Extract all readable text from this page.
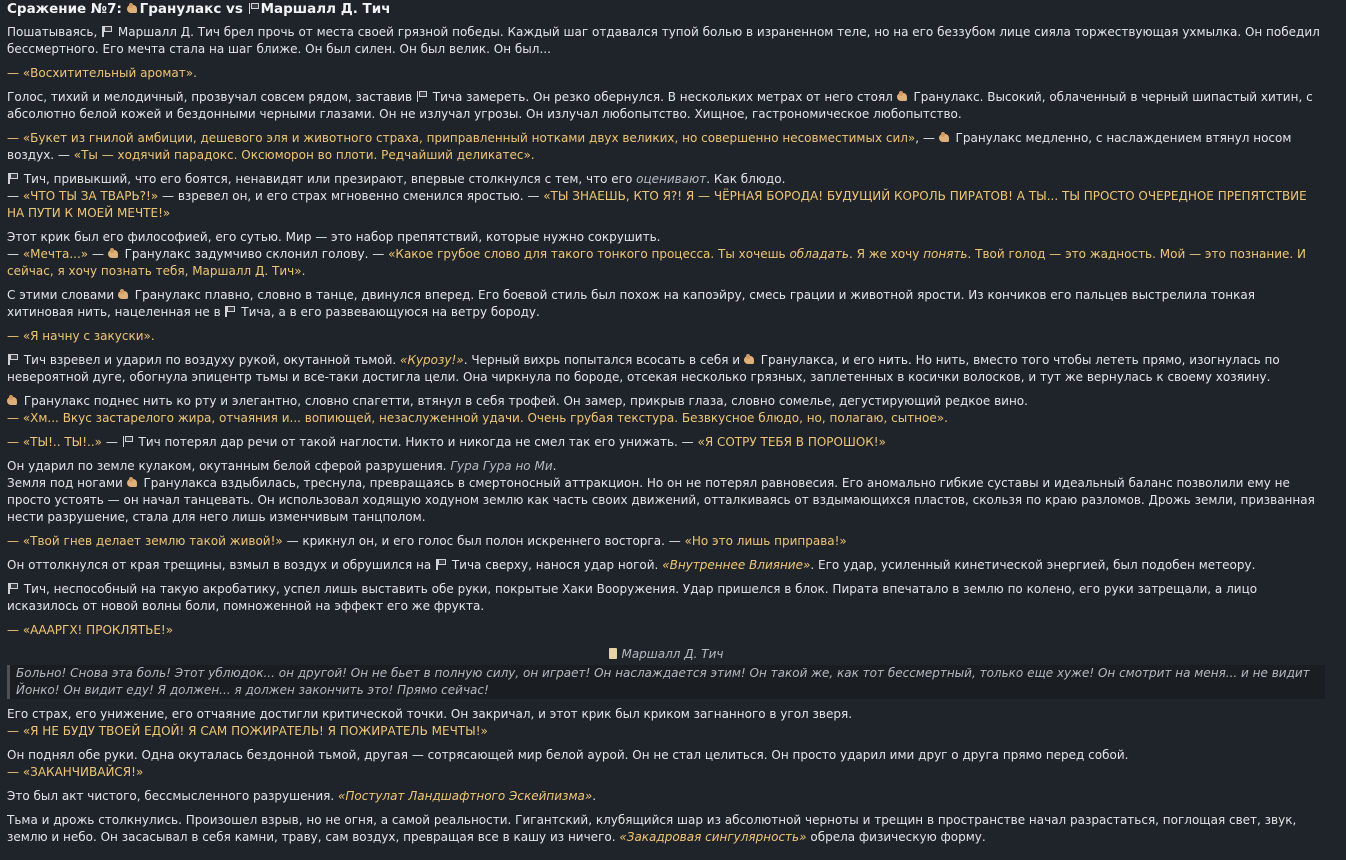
Сражение №7: Гранулакс vs Маршалл Д. Тич

Пошатываясь,  Маршалл Д. Тич брел прочь от места своей грязной победы. Каждый шаг отдавался тупой болью в израненном теле, но на его беззубом лице сияла торжествующая ухмылка. Он победил бессмертного. Его мечта стала на шаг ближе. Он был силен. Он был велик. Он был...

— «Восхитительный аромат».

Голос, тихий и мелодичный, прозвучал совсем рядом, заставив  Тича замереть. Он резко обернулся. В нескольких метрах от него стоял  Гранулакс. Высокий, облаченный в черный шипастый хитин, с абсолютно белой кожей и бездонными черными глазами. Он не излучал угрозы. Он излучал любопытство. Хищное, гастрономическое любопытство.

— «Букет из гнилой амбиции, дешевого эля и животного страха, приправленный нотками двух великих, но совершенно несовместимых сил», —  Гранулакс медленно, с наслаждением втянул носом воздух. — «Ты — ходячий парадокс. Оксюморон во плоти. Редчайший деликатес».

Тич, привыкший, что его боятся, ненавидят или презирают, впервые столкнулся с тем, что его оценивают. Как блюдо.
— «ЧТО ТЫ ЗА ТВАРЬ?!» — взревел он, и его страх мгновенно сменился яростью. — «ТЫ ЗНАЕШЬ, КТО Я?! Я — ЧЁРНАЯ БОРОДА! БУДУЩИЙ КОРОЛЬ ПИРАТОВ! А ТЫ... ТЫ ПРОСТО ОЧЕРЕДНОЕ ПРЕПЯТСТВИЕ НА ПУТИ К МОЕЙ МЕЧТЕ!»

Этот крик был его философией, его сутью. Мир — это набор препятствий, которые нужно сокрушить.
— «Мечта...» —  Гранулакс задумчиво склонил голову. — «Какое грубое слово для такого тонкого процесса. Ты хочешь обладать. Я же хочу понять. Твой голод — это жадность. Мой — это познание. И сейчас, я хочу познать тебя, Маршалл Д. Тич».

С этими словами  Гранулакс плавно, словно в танце, двинулся вперед. Его боевой стиль был похож на капоэйру, смесь грации и животной ярости. Из кончиков его пальцев выстрелила тонкая хитиновая нить, нацеленная не в  Тича, а в его развевающуюся на ветру бороду.

— «Я начну с закуски».

Тич взревел и ударил по воздуху рукой, окутанной тьмой. «Курозу!». Черный вихрь попытался всосать в себя и  Гранулакса, и его нить. Но нить, вместо того чтобы лететь прямо, изогнулась по невероятной дуге, обогнула эпицентр тьмы и все-таки достигла цели. Она чиркнула по бороде, отсекая несколько грязных, заплетенных в косички волосков, и тут же вернулась к своему хозяину.

Гранулакс поднес нить ко рту и элегантно, словно спагетти, втянул в себя трофей. Он замер, прикрыв глаза, словно сомелье, дегустирующий редкое вино.
— «Хм... Вкус застарелого жира, отчаяния и... вопиющей, незаслуженной удачи. Очень грубая текстура. Безвкусное блюдо, но, полагаю, сытное».

— «ТЫ!.. ТЫ!..» —  Тич потерял дар речи от такой наглости. Никто и никогда не смел так его унижать. — «Я СОТРУ ТЕБЯ В ПОРОШОК!»

Он ударил по земле кулаком, окутанным белой сферой разрушения. Гура Гура но Ми.
Земля под ногами  Гранулакса вздыбилась, треснула, превращаясь в смертоносный аттракцион. Но он не потерял равновесия. Его аномально гибкие суставы и идеальный баланс позволили ему не просто устоять — он начал танцевать. Он использовал ходящую ходуном землю как часть своих движений, отталкиваясь от вздымающихся пластов, скользя по краю разломов. Дрожь земли, призванная нести разрушение, стала для него лишь изменчивым танцполом.

— «Твой гнев делает землю такой живой!» — крикнул он, и его голос был полон искреннего восторга. — «Но это лишь приправа!»

Он оттолкнулся от края трещины, взмыл в воздух и обрушился на  Тича сверху, нанося удар ногой. «Внутреннее Влияние». Его удар, усиленный кинетической энергией, был подобен метеору.

Тич, неспособный на такую акробатику, успел лишь выставить обе руки, покрытые Хаки Вооружения. Удар пришелся в блок. Пирата впечатало в землю по колено, его руки затрещали, а лицо исказилось от новой волны боли, помноженной на эффект его же фрукта.

— «АААРГХ! ПРОКЛЯТЬЕ!»

Маршалл Д. Тич
Больно! Снова эта боль! Этот ублюдок... он другой! Он не бьет в полную силу, он играет! Он наслаждается этим! Он такой же, как тот бессмертный, только еще хуже! Он смотрит на меня... и не видит Йонко! Он видит еду! Я должен... я должен закончить это! Прямо сейчас!

Его страх, его унижение, его отчаяние достигли критической точки. Он закричал, и этот крик был криком загнанного в угол зверя.
— «Я НЕ БУДУ ТВОЕЙ ЕДОЙ! Я САМ ПОЖИРАТЕЛЬ! Я ПОЖИРАТЕЛЬ МЕЧТЫ!»

Он поднял обе руки. Одна окуталась бездонной тьмой, другая — сотрясающей мир белой аурой. Он не стал целиться. Он просто ударил ими друг о друга прямо перед собой.
— «ЗАКАНЧИВАЙСЯ!»

Это был акт чистого, бессмысленного разрушения. «Постулат Ландшафтного Эскейпизма».

Тьма и дрожь столкнулись. Произошел взрыв, но не огня, а самой реальности. Гигантский, клубящийся шар из абсолютной черноты и трещин в пространстве начал разрастаться, поглощая свет, звук, землю и небо. Он засасывал в себя камни, траву, сам воздух, превращая все в кашу из ничего. «Закадровая сингулярность» обрела физическую форму.
